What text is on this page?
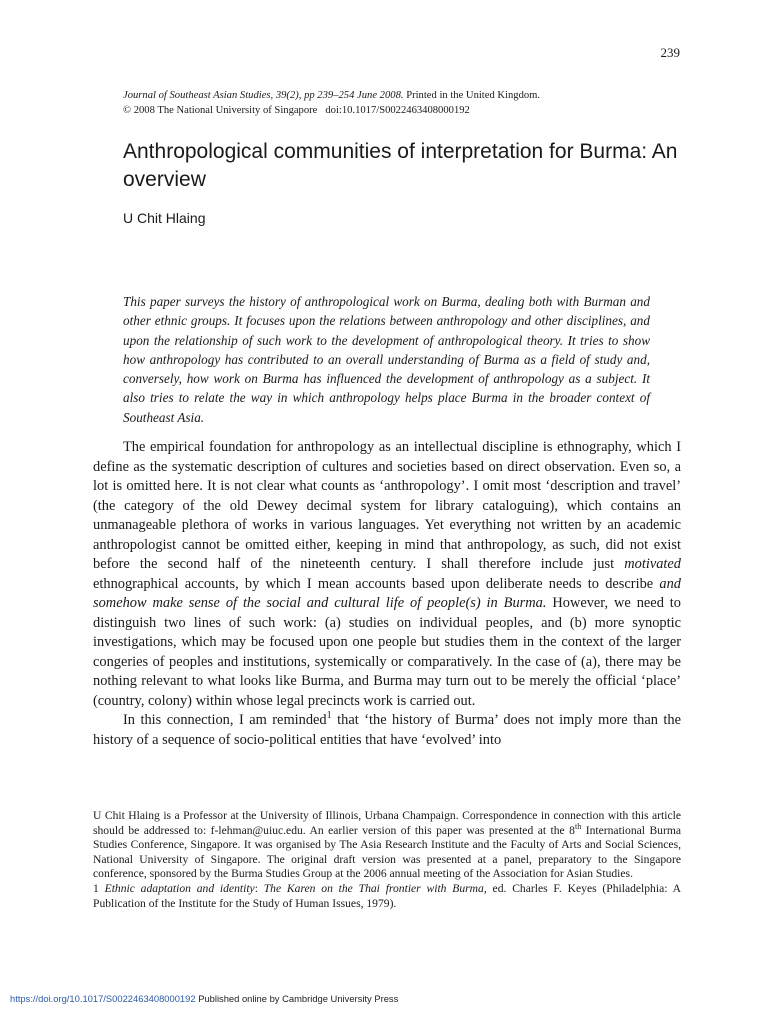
239
Journal of Southeast Asian Studies, 39(2), pp 239–254 June 2008. Printed in the United Kingdom.
© 2008 The National University of Singapore doi:10.1017/S0022463408000192
Anthropological communities of interpretation for Burma: An overview
U Chit Hlaing

This paper surveys the history of anthropological work on Burma, dealing both with Burman and other ethnic groups. It focuses upon the relations between anthropology and other disciplines, and upon the relationship of such work to the development of anthropological theory. It tries to show how anthropology has contributed to an overall understanding of Burma as a field of study and, conversely, how work on Burma has influenced the development of anthropology as a subject. It also tries to relate the way in which anthropology helps place Burma in the broader context of Southeast Asia.

The empirical foundation for anthropology as an intellectual discipline is ethnography, which I define as the systematic description of cultures and societies based on direct observation. Even so, a lot is omitted here. It is not clear what counts as ‘anthropology’. I omit most ‘description and travel’ (the category of the old Dewey decimal system for library cataloguing), which contains an unmanageable plethora of works in various languages. Yet everything not written by an academic anthropologist cannot be omitted either, keeping in mind that anthropology, as such, did not exist before the second half of the nineteenth century. I shall therefore include just motivated ethnographical accounts, by which I mean accounts based upon deliberate needs to describe and somehow make sense of the social and cultural life of people(s) in Burma. However, we need to distinguish two lines of such work: (a) studies on individual peoples, and (b) more synoptic investigations, which may be focused upon one people but studies them in the context of the larger congeries of peoples and institutions, systemically or comparatively. In the case of (a), there may be nothing relevant to what looks like Burma, and Burma may turn out to be merely the official ‘place’ (country, colony) within whose legal precincts work is carried out.

In this connection, I am reminded$^1$ that ‘the history of Burma’ does not imply more than the history of a sequence of socio-political entities that have ‘evolved’ into

U Chit Hlaing is a Professor at the University of Illinois, Urbana Champaign. Correspondence in connection with this article should be addressed to: f-lehman@uiuc.edu. An earlier version of this paper was presented at the 8th International Burma Studies Conference, Singapore. It was organised by The Asia Research Institute and the Faculty of Arts and Social Sciences, National University of Singapore. The original draft version was presented at a panel, preparatory to the Singapore conference, sponsored by the Burma Studies Group at the 2006 annual meeting of the Association for Asian Studies.

1 Ethnic adaptation and identity: The Karen on the Thai frontier with Burma, ed. Charles F. Keyes (Philadelphia: A Publication of the Institute for the Study of Human Issues, 1979).

https://doi.org/10.1017/S0022463408000192 Published online by Cambridge University Press
